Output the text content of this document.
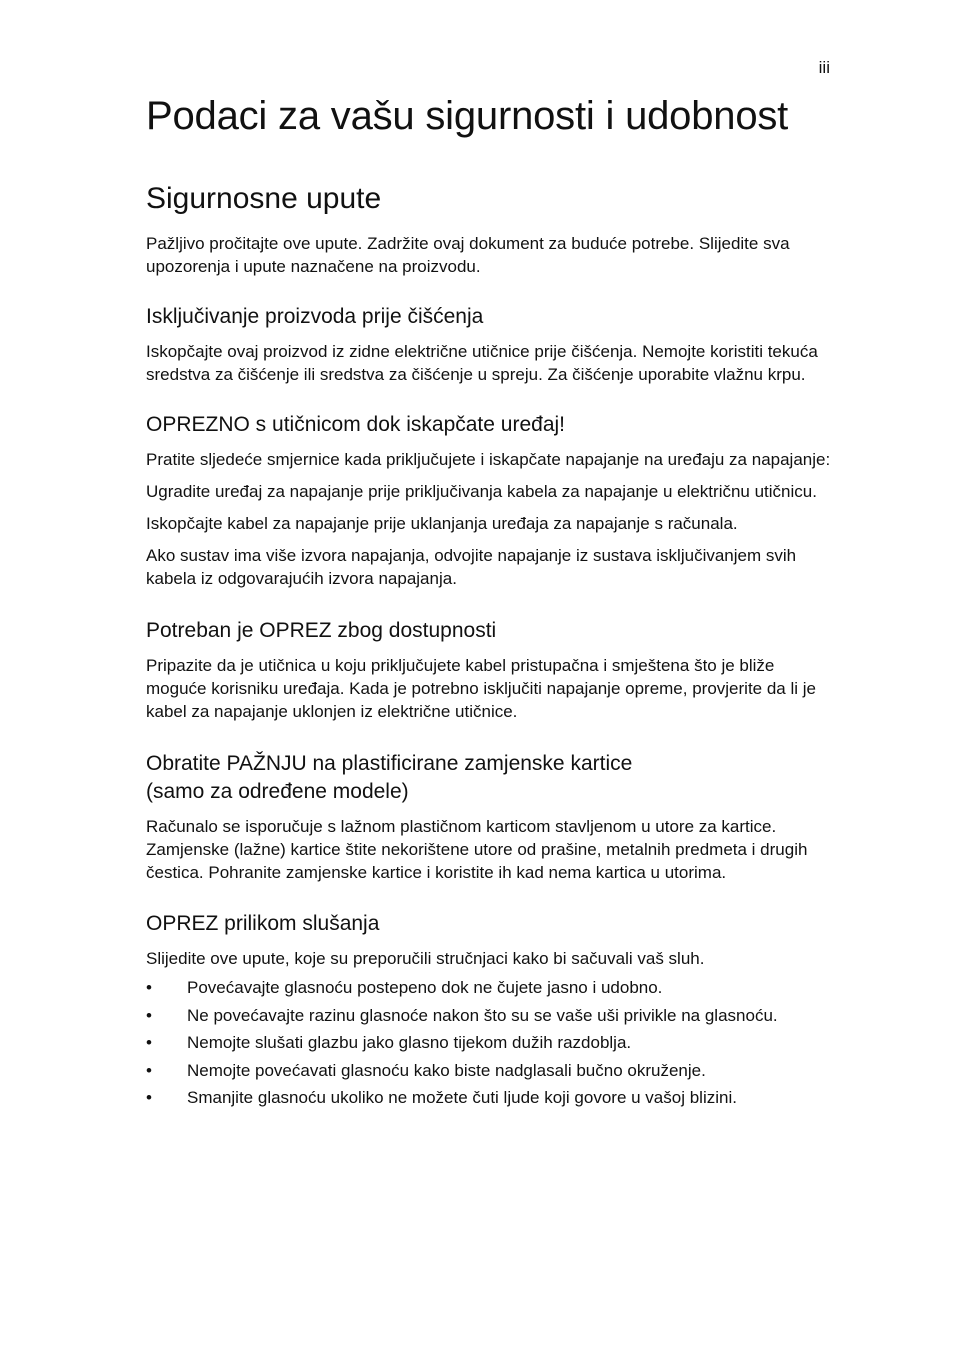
iii
Podaci za vašu sigurnosti i udobnost
Sigurnosne upute

Pažljivo pročitajte ove upute. Zadržite ovaj dokument za buduće potrebe. Slijedite sva upozorenja i upute naznačene na proizvodu.

Isključivanje proizvoda prije čišćenja

Iskopčajte ovaj proizvod iz zidne električne utičnice prije čišćenja. Nemojte koristiti tekuća sredstva za čišćenje ili sredstva za čišćenje u spreju. Za čišćenje uporabite vlažnu krpu.

OPREZNO s utičnicom dok iskapčate uređaj!

Pratite sljedeće smjernice kada priključujete i iskapčate napajanje na uređaju za napajanje:

Ugradite uređaj za napajanje prije priključivanja kabela za napajanje u električnu utičnicu.

Iskopčajte kabel za napajanje prije uklanjanja uređaja za napajanje s računala.

Ako sustav ima više izvora napajanja, odvojite napajanje iz sustava isključivanjem svih kabela iz odgovarajućih izvora napajanja.

Potreban je OPREZ zbog dostupnosti

Pripazite da je utičnica u koju priključujete kabel pristupačna i smještena što je bliže moguće korisniku uređaja. Kada je potrebno isključiti napajanje opreme, provjerite da li je kabel za napajanje uklonjen iz električne utičnice.

Obratite PAŽNJU na plastificirane zamjenske kartice
(samo za određene modele)

Računalo se isporučuje s lažnom plastičnom karticom stavljenom u utore za kartice. Zamjenske (lažne) kartice štite nekorištene utore od prašine, metalnih predmeta i drugih čestica. Pohranite zamjenske kartice i koristite ih kad nema kartica u utorima.

OPREZ prilikom slušanja

Slijedite ove upute, koje su preporučili stručnjaci kako bi sačuvali vaš sluh.

• Povećavajte glasnoću postepeno dok ne čujete jasno i udobno.
• Ne povećavajte razinu glasnoće nakon što su se vaše uši privikle na glasnoću.
• Nemojte slušati glazbu jako glasno tijekom dužih razdoblja.
• Nemojte povećavati glasnoću kako biste nadglasali bučno okruženje.
• Smanjite glasnoću ukoliko ne možete čuti ljude koji govore u vašoj blizini.
